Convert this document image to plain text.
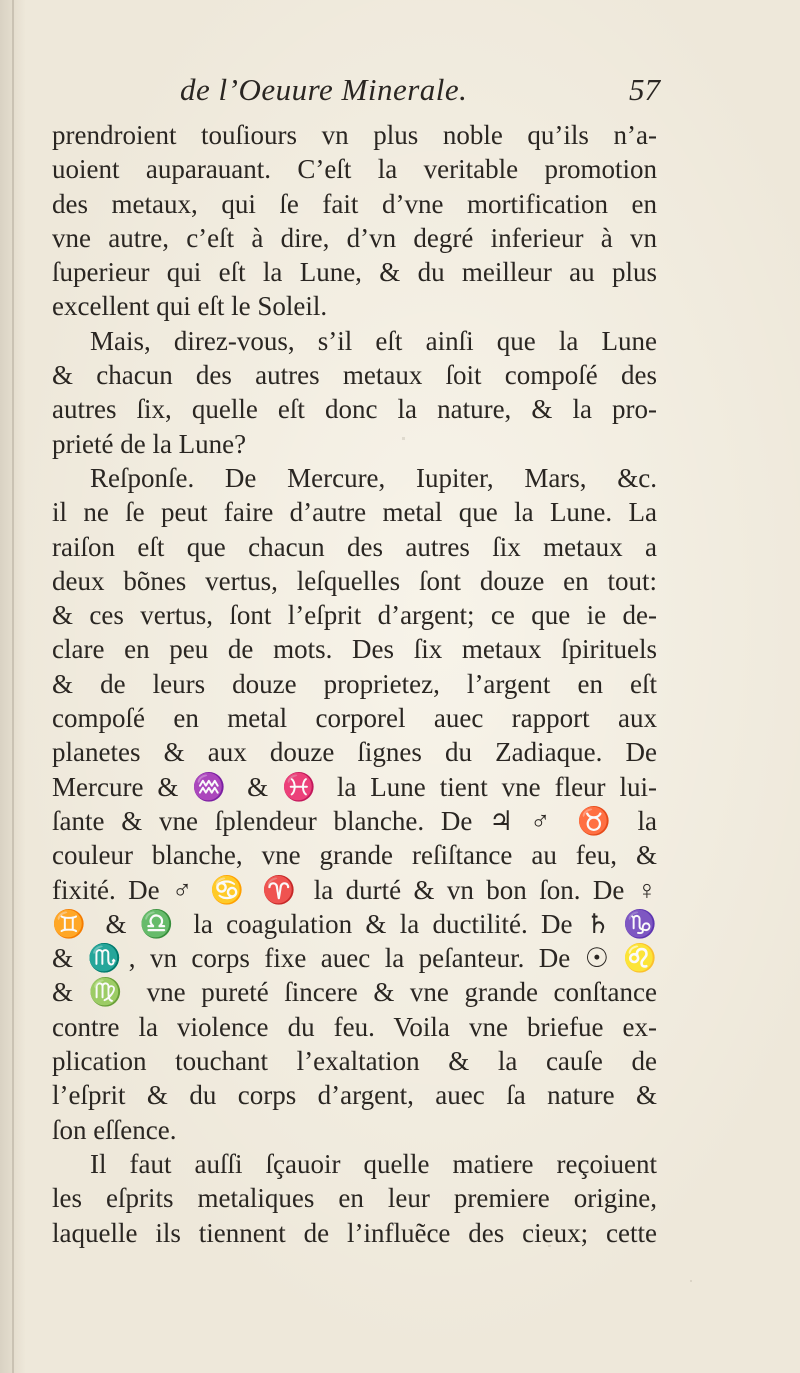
de l’Oeuure Minerale.	57
prendroient touſiours vn plus noble qu’ils n’a-
uoient auparauant. C’eſt la veritable promotion
des metaux, qui ſe fait d’vne mortification en
vne autre, c’eſt à dire, d’vn degré inferieur à vn
ſuperieur qui eſt la Lune, & du meilleur au plus
excellent qui eſt le Soleil.
Mais, direz-vous, s’il eſt ainſi que la Lune
& chacun des autres metaux ſoit compoſé des
autres ſix, quelle eſt donc la nature, & la pro-
prieté de la Lune?
Reſponſe. De Mercure, Iupiter, Mars, &c.
il ne ſe peut faire d’autre metal que la Lune. La
raiſon eſt que chacun des autres ſix metaux a
deux bõnes vertus, leſquelles ſont douze en tout:
& ces vertus, ſont l’eſprit d’argent; ce que ie de-
clare en peu de mots. Des ſix metaux ſpirituels
& de leurs douze proprietez, l’argent en eſt
compoſé en metal corporel auec rapport aux
planetes & aux douze ſignes du Zadiaque. De
Mercure & ♒ & ♓ la Lune tient vne fleur lui-
ſante & vne ſplendeur blanche. De ♃ ♂ ♉ la
couleur blanche, vne grande reſiſtance au feu, &
fixité. De ♂ ♋ ♈ la durté & vn bon ſon. De ♀
♊ & ♎ la coagulation & la ductilité. De ♄ ♑
& ♏, vn corps fixe auec la peſanteur. De ☉ ♌
& ♍ vne pureté ſincere & vne grande conſtance
contre la violence du feu. Voila vne briefue ex-
plication touchant l’exaltation & la cauſe de
l’eſprit & du corps d’argent, auec ſa nature &
ſon eſſence.
Il faut auſſi ſçauoir quelle matiere reçoiuent
les eſprits metaliques en leur premiere origine,
laquelle ils tiennent de l’influẽce des cieux; cette
